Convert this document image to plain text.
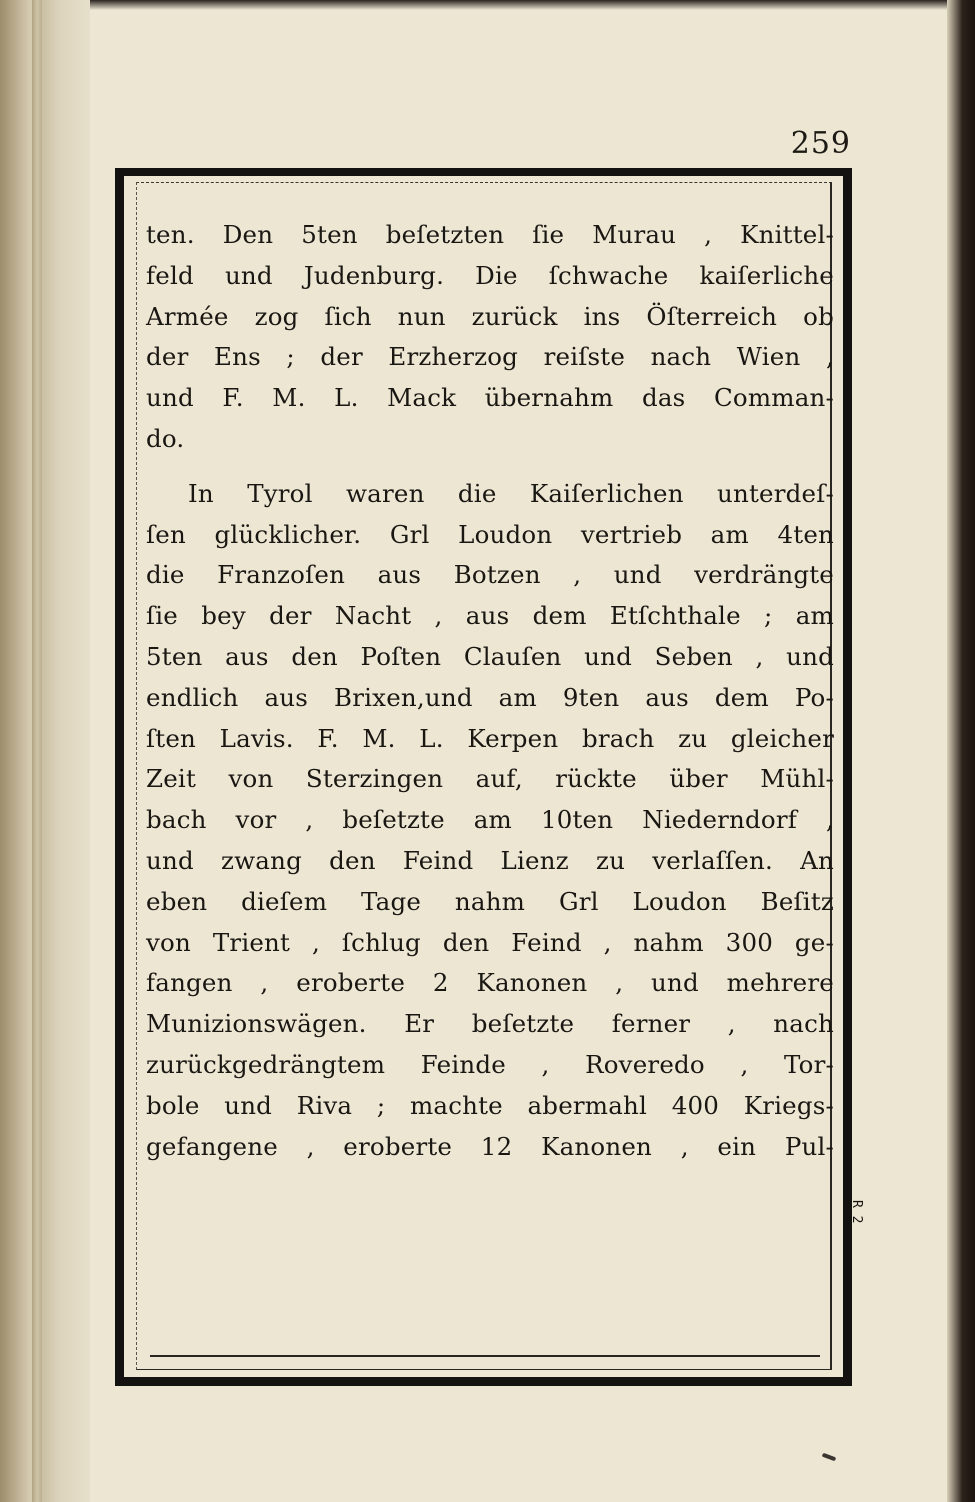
259
ten. Den 5ten beſetzten ſie Murau , Knittel-
feld und Judenburg. Die ſchwache kaiſerliche
Armée zog ſich nun zurück ins Öſterreich ob
der Ens ; der Erzherzog reiſste nach Wien ,
und F. M. L. Mack übernahm das Comman-
do.
In Tyrol waren die Kaiſerlichen unterdeſ-
ſen glücklicher. Grl Loudon vertrieb am 4ten
die Franzoſen aus Botzen , und verdrängte
ſie bey der Nacht , aus dem Etſchthale ; am
5ten aus den Poſten Clauſen und Seben , und
endlich aus Brixen,und am 9ten aus dem Po-
ſten Lavis. F. M. L. Kerpen brach zu gleicher
Zeit von Sterzingen auf, rückte über Mühl-
bach vor , beſetzte am 10ten Niederndorf ,
und zwang den Feind Lienz zu verlaſſen. An
eben dieſem Tage nahm Grl Loudon Beſitz
von Trient , ſchlug den Feind , nahm 300 ge-
fangen , eroberte 2 Kanonen , und mehrere
Munizionswägen. Er beſetzte ferner , nach
zurückgedrängtem Feinde , Roveredo , Tor-
bole und Riva ; machte abermahl 400 Kriegs-
gefangene , eroberte 12 Kanonen , ein Pul-
R 2
